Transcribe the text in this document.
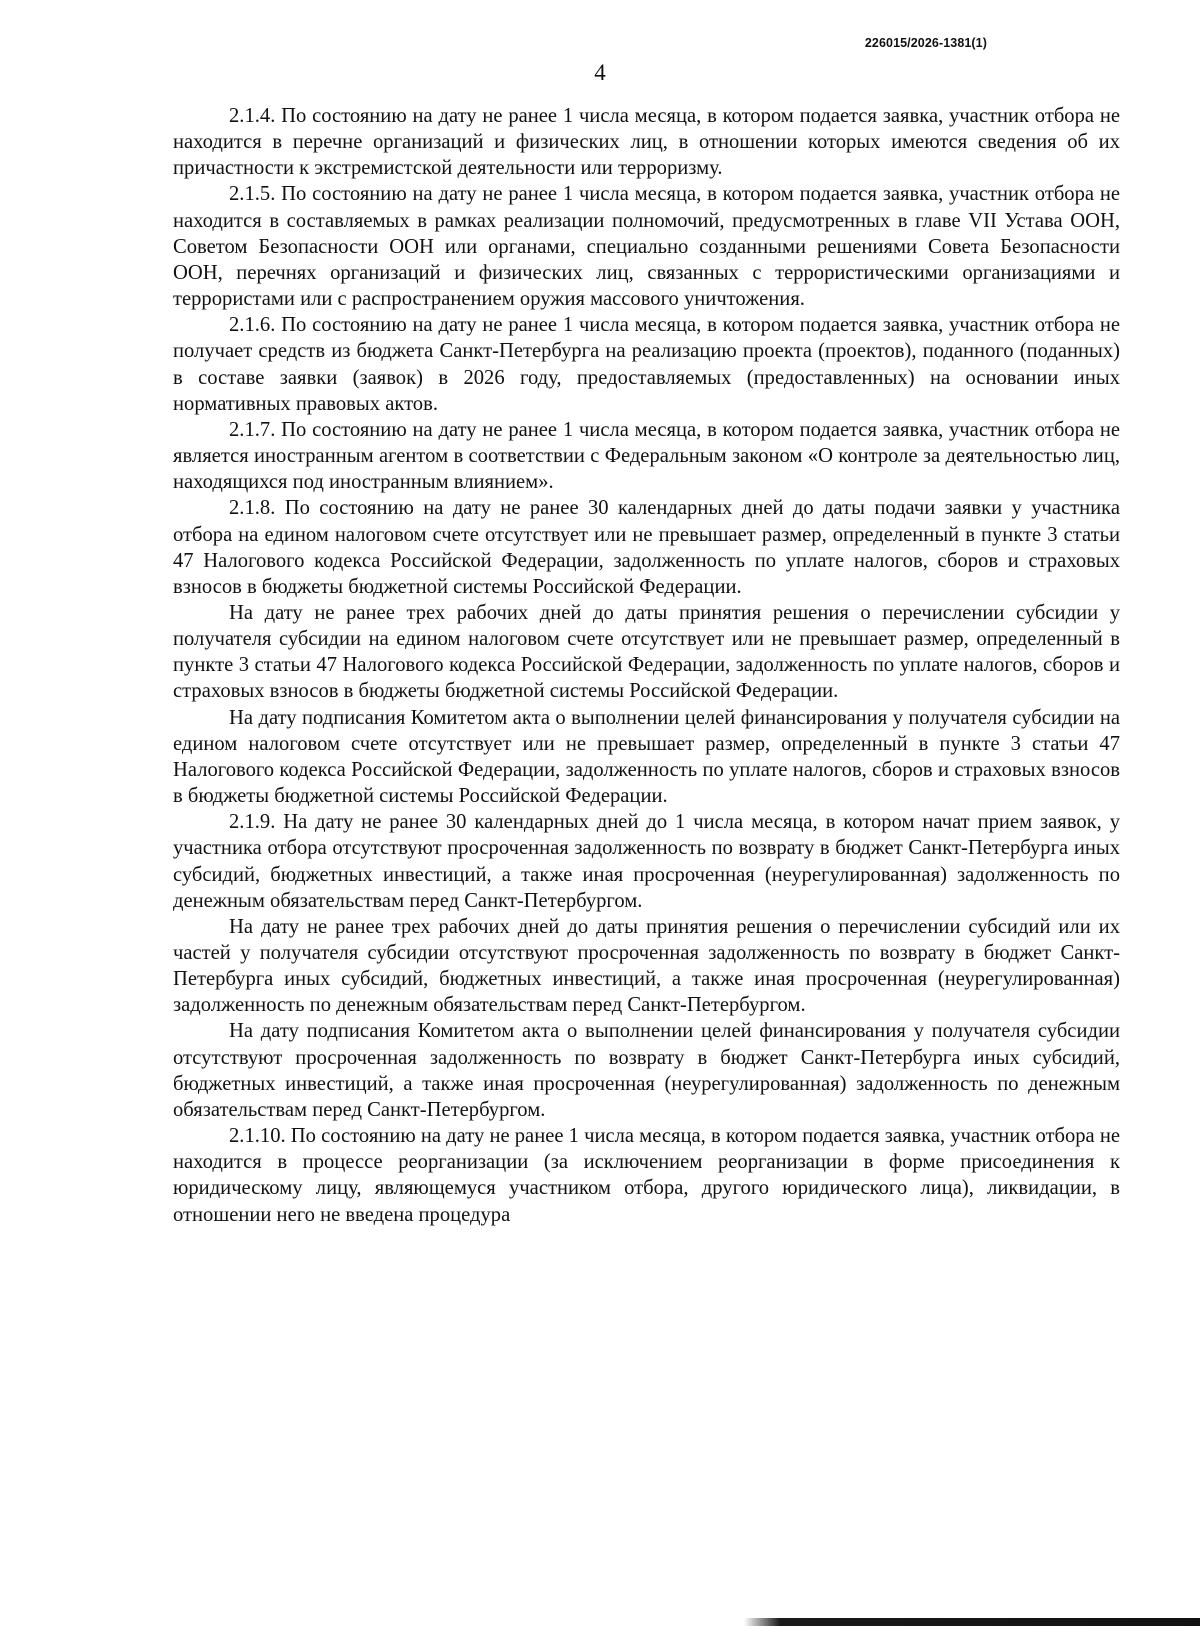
226015/2026-1381(1)
4

2.1.4. По состоянию на дату не ранее 1 числа месяца, в котором подается заявка, участник отбора не находится в перечне организаций и физических лиц, в отношении которых имеются сведения об их причастности к экстремистской деятельности или терроризму.

2.1.5. По состоянию на дату не ранее 1 числа месяца, в котором подается заявка, участник отбора не находится в составляемых в рамках реализации полномочий, предусмотренных в главе VII Устава ООН, Советом Безопасности ООН или органами, специально созданными решениями Совета Безопасности ООН, перечнях организаций и физических лиц, связанных с террористическими организациями и террористами или с распространением оружия массового уничтожения.

2.1.6. По состоянию на дату не ранее 1 числа месяца, в котором подается заявка, участник отбора не получает средств из бюджета Санкт-Петербурга на реализацию проекта (проектов), поданного (поданных) в составе заявки (заявок) в 2026 году, предоставляемых (предоставленных) на основании иных нормативных правовых актов.

2.1.7. По состоянию на дату не ранее 1 числа месяца, в котором подается заявка, участник отбора не является иностранным агентом в соответствии с Федеральным законом «О контроле за деятельностью лиц, находящихся под иностранным влиянием».

2.1.8. По состоянию на дату не ранее 30 календарных дней до даты подачи заявки у участника отбора на едином налоговом счете отсутствует или не превышает размер, определенный в пункте 3 статьи 47 Налогового кодекса Российской Федерации, задолженность по уплате налогов, сборов и страховых взносов в бюджеты бюджетной системы Российской Федерации.

На дату не ранее трех рабочих дней до даты принятия решения о перечислении субсидии у получателя субсидии на едином налоговом счете отсутствует или не превышает размер, определенный в пункте 3 статьи 47 Налогового кодекса Российской Федерации, задолженность по уплате налогов, сборов и страховых взносов в бюджеты бюджетной системы Российской Федерации.

На дату подписания Комитетом акта о выполнении целей финансирования у получателя субсидии на едином налоговом счете отсутствует или не превышает размер, определенный в пункте 3 статьи 47 Налогового кодекса Российской Федерации, задолженность по уплате налогов, сборов и страховых взносов в бюджеты бюджетной системы Российской Федерации.

2.1.9. На дату не ранее 30 календарных дней до 1 числа месяца, в котором начат прием заявок, у участника отбора отсутствуют просроченная задолженность по возврату в бюджет Санкт-Петербурга иных субсидий, бюджетных инвестиций, а также иная просроченная (неурегулированная) задолженность по денежным обязательствам перед Санкт-Петербургом.

На дату не ранее трех рабочих дней до даты принятия решения о перечислении субсидий или их частей у получателя субсидии отсутствуют просроченная задолженность по возврату в бюджет Санкт-Петербурга иных субсидий, бюджетных инвестиций, а также иная просроченная (неурегулированная) задолженность по денежным обязательствам перед Санкт-Петербургом.

На дату подписания Комитетом акта о выполнении целей финансирования у получателя субсидии отсутствуют просроченная задолженность по возврату в бюджет Санкт-Петербурга иных субсидий, бюджетных инвестиций, а также иная просроченная (неурегулированная) задолженность по денежным обязательствам перед Санкт-Петербургом.

2.1.10. По состоянию на дату не ранее 1 числа месяца, в котором подается заявка, участник отбора не находится в процессе реорганизации (за исключением реорганизации в форме присоединения к юридическому лицу, являющемуся участником отбора, другого юридического лица), ликвидации, в отношении него не введена процедура
